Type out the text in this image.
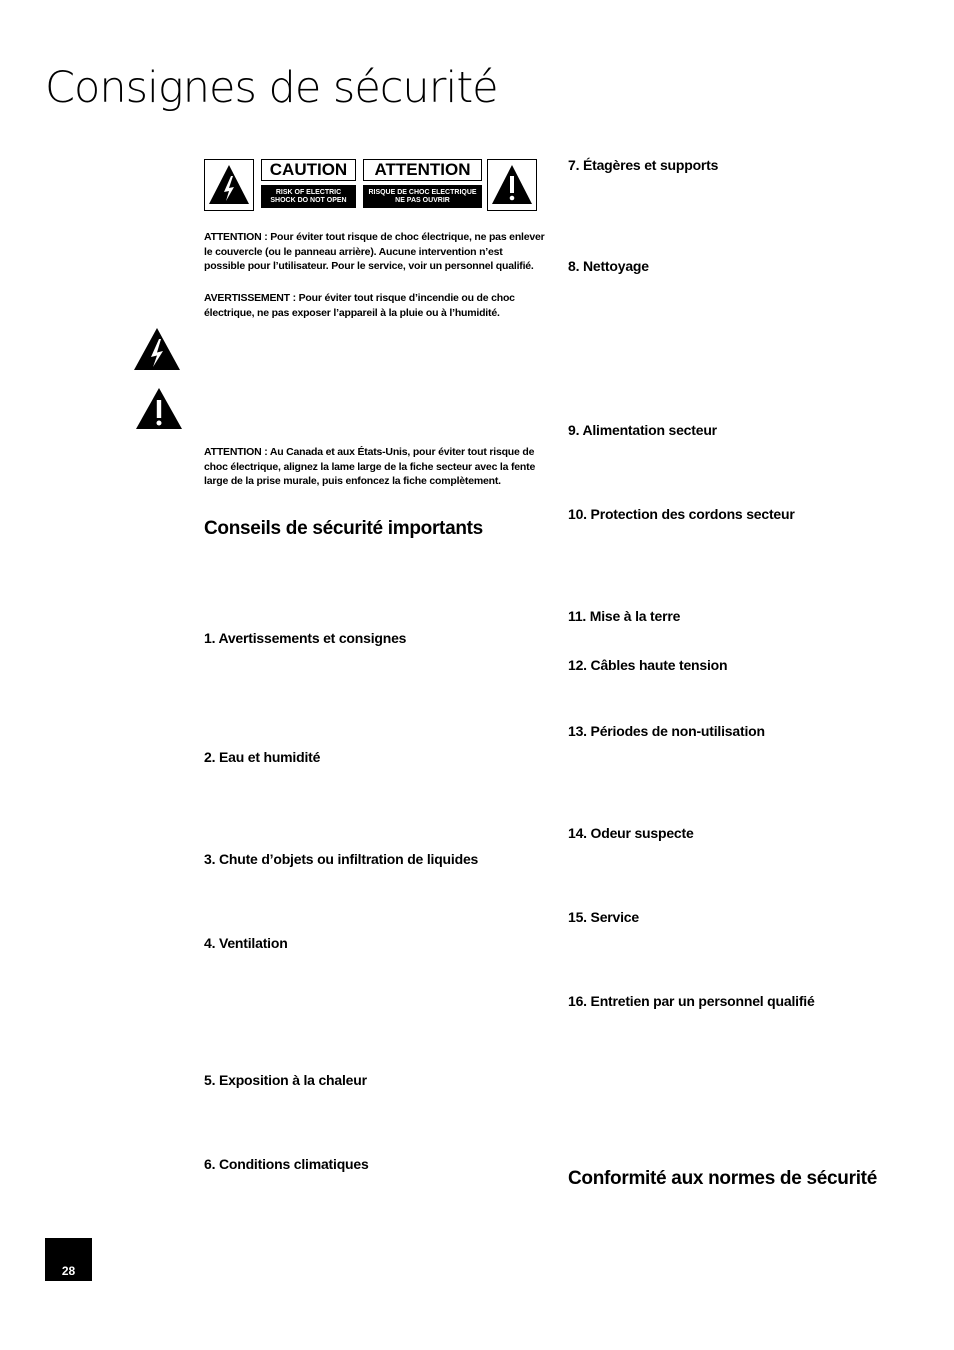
Consignes de sécurité
CAUTION
RISK OF ELECTRIC SHOCK DO NOT OPEN
ATTENTION
RISQUE DE CHOC ELECTRIQUE NE PAS OUVRIR

ATTENTION : Pour éviter tout risque de choc électrique, ne pas enlever le couvercle (ou le panneau arrière). Aucune intervention n’est possible pour l’utilisateur. Pour le service, voir un personnel qualifié.

AVERTISSEMENT : Pour éviter tout risque d’incendie ou de choc électrique, ne pas exposer l’appareil à la pluie ou à l’humidité.

ATTENTION : Au Canada et aux États-Unis, pour éviter tout risque de choc électrique, alignez la lame large de la fiche secteur avec la fente large de la prise murale, puis enfoncez la fiche complètement.

Conseils de sécurité importants
1. Avertissements et consignes
2. Eau et humidité
3. Chute d’objets ou infiltration de liquides
4. Ventilation
5. Exposition à la chaleur
6. Conditions climatiques
7. Étagères et supports
8. Nettoyage
9. Alimentation secteur
10. Protection des cordons secteur
11. Mise à la terre
12. Câbles haute tension
13. Périodes de non-utilisation
14. Odeur suspecte
15. Service
16. Entretien par un personnel qualifié
Conformité aux normes de sécurité
28
